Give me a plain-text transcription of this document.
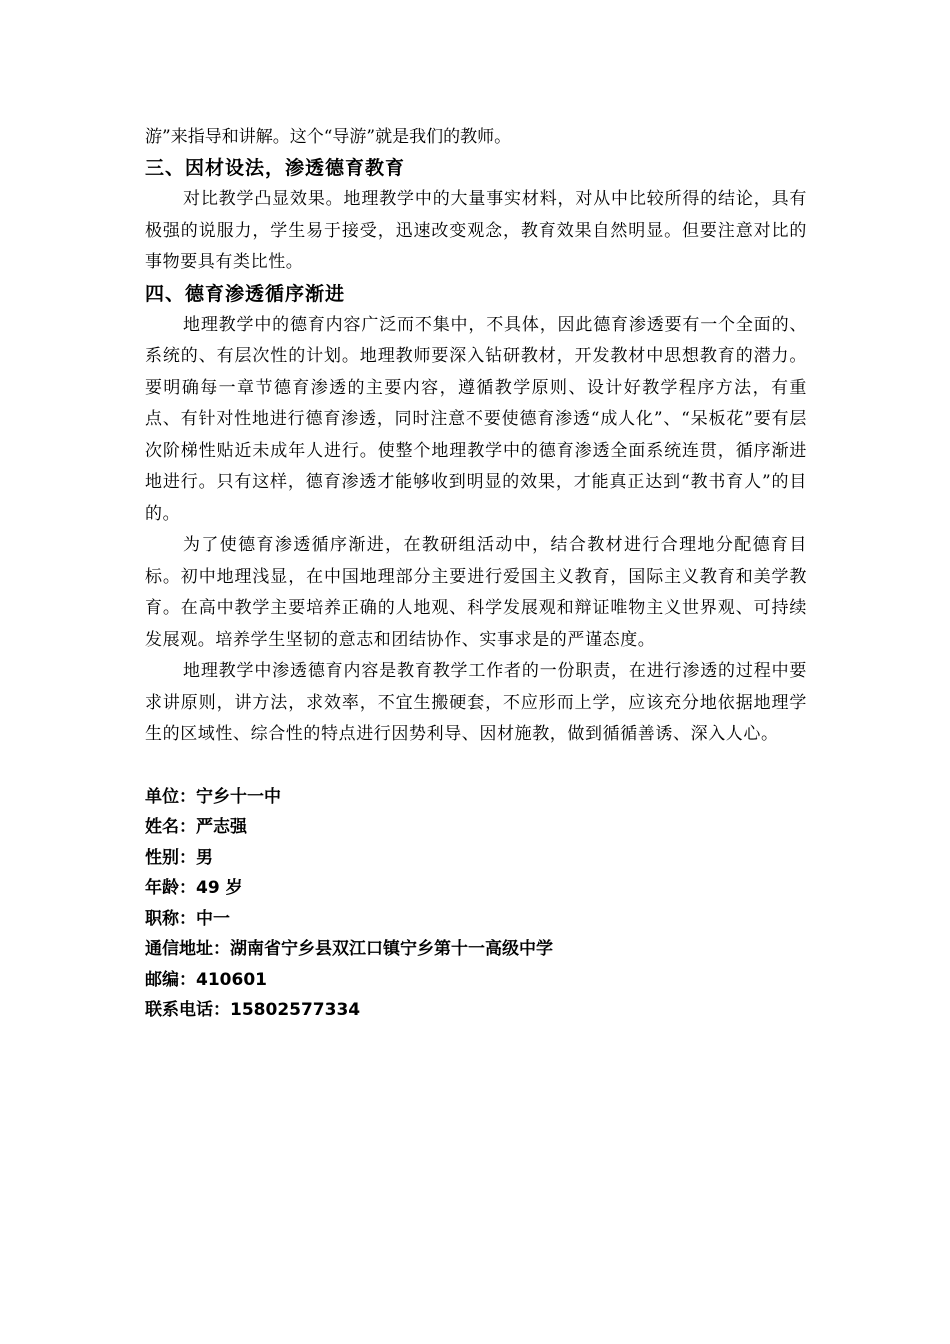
游”来指导和讲解。这个“导游”就是我们的教师。

三、因材设法，渗透德育教育

对比教学凸显效果。地理教学中的大量事实材料，对从中比较所得的结论，具有极强的说服力，学生易于接受，迅速改变观念，教育效果自然明显。但要注意对比的事物要具有类比性。

四、德育渗透循序渐进

地理教学中的德育内容广泛而不集中，不具体，因此德育渗透要有一个全面的、系统的、有层次性的计划。地理教师要深入钻研教材，开发教材中思想教育的潜力。要明确每一章节德育渗透的主要内容，遵循教学原则、设计好教学程序方法，有重点、有针对性地进行德育渗透，同时注意不要使德育渗透“成人化”、“呆板花”要有层次阶梯性贴近未成年人进行。使整个地理教学中的德育渗透全面系统连贯，循序渐进地进行。只有这样，德育渗透才能够收到明显的效果，才能真正达到“教书育人”的目的。

为了使德育渗透循序渐进，在教研组活动中，结合教材进行合理地分配德育目标。初中地理浅显，在中国地理部分主要进行爱国主义教育，国际主义教育和美学教育。在高中教学主要培养正确的人地观、科学发展观和辩证唯物主义世界观、可持续发展观。培养学生坚韧的意志和团结协作、实事求是的严谨态度。

地理教学中渗透德育内容是教育教学工作者的一份职责，在进行渗透的过程中要求讲原则，讲方法，求效率，不宜生搬硬套，不应形而上学，应该充分地依据地理学生的区域性、综合性的特点进行因势利导、因材施教，做到循循善诱、深入人心。

单位：宁乡十一中

姓名：严志强

性别：男

年龄：49 岁

职称：中一

通信地址：湖南省宁乡县双江口镇宁乡第十一高级中学

邮编：410601

联系电话：15802577334
